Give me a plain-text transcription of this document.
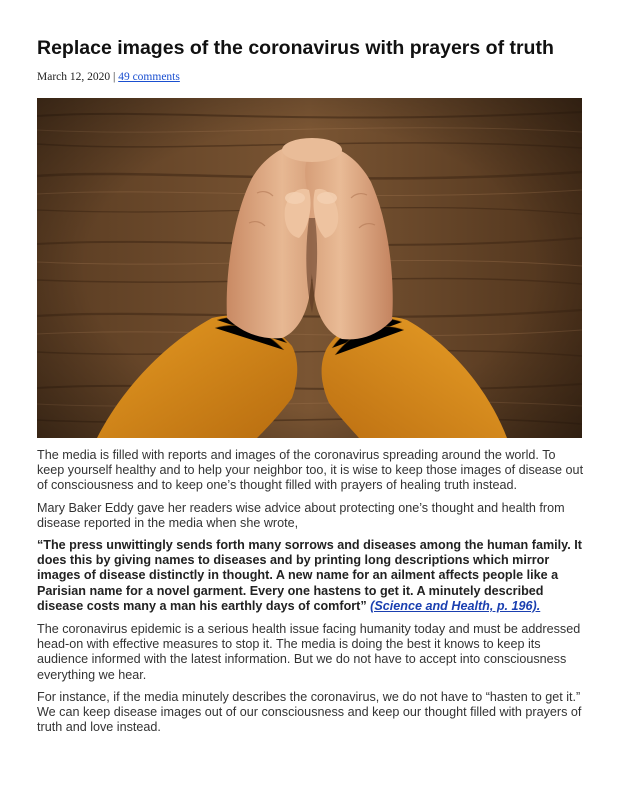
Replace images of the coronavirus with prayers of truth
March 12, 2020 | 49 comments

The media is filled with reports and images of the coronavirus spreading around the world. To keep yourself healthy and to help your neighbor too, it is wise to keep those images of disease out of consciousness and to keep one’s thought filled with prayers of healing truth instead.

Mary Baker Eddy gave her readers wise advice about protecting one’s thought and health from disease reported in the media when she wrote,

“The press unwittingly sends forth many sorrows and diseases among the human family. It does this by giving names to diseases and by printing long descriptions which mirror images of disease distinctly in thought. A new name for an ailment affects people like a Parisian name for a novel garment. Every one hastens to get it. A minutely described disease costs many a man his earthly days of comfort” (Science and Health, p. 196).

The coronavirus epidemic is a serious health issue facing humanity today and must be addressed head-on with effective measures to stop it. The media is doing the best it knows to keep its audience informed with the latest information. But we do not have to accept into consciousness everything we hear.

For instance, if the media minutely describes the coronavirus, we do not have to “hasten to get it.” We can keep disease images out of our consciousness and keep our thought filled with prayers of truth and love instead.
